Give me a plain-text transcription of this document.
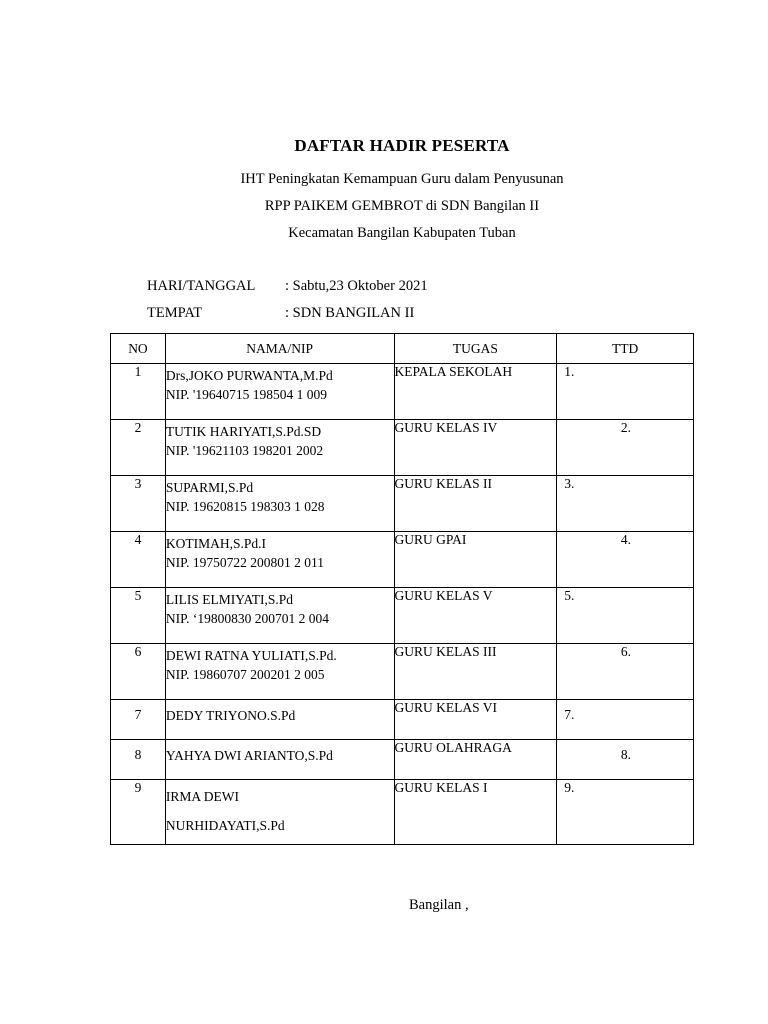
DAFTAR HADIR PESERTA
IHT Peningkatan Kemampuan Guru dalam Penyusunan
RPP PAIKEM GEMBROT di SDN Bangilan II
Kecamatan Bangilan Kabupaten Tuban
HARI/TANGGAL : Sabtu,23 Oktober 2021
TEMPAT	: SDN BANGILAN II
NO	NAMA/NIP	TUGAS	TTD
1	Drs,JOKO PURWANTA,M.Pd
NIP. '19640715 198504 1 009	KEPALA SEKOLAH	1.
2	TUTIK HARIYATI,S.Pd.SD
NIP. '19621103 198201 2002	GURU KELAS IV	2.
3	SUPARMI,S.Pd
NIP. 19620815 198303 1 028	GURU KELAS II	3.
4	KOTIMAH,S.Pd.I
NIP. 19750722 200801 2 011	GURU GPAI	4.
5	LILIS ELMIYATI,S.Pd
NIP. ‘19800830 200701 2 004	GURU KELAS V	5.
6	DEWI RATNA YULIATI,S.Pd.
NIP. 19860707 200201 2 005	GURU KELAS III	6.
7	DEDY TRIYONO.S.Pd	GURU KELAS VI	7.
8	YAHYA DWI ARIANTO,S.Pd	GURU OLAHRAGA	8.
9	IRMA DEWI
NURHIDAYATI,S.Pd	GURU KELAS I	9.
Bangilan ,
